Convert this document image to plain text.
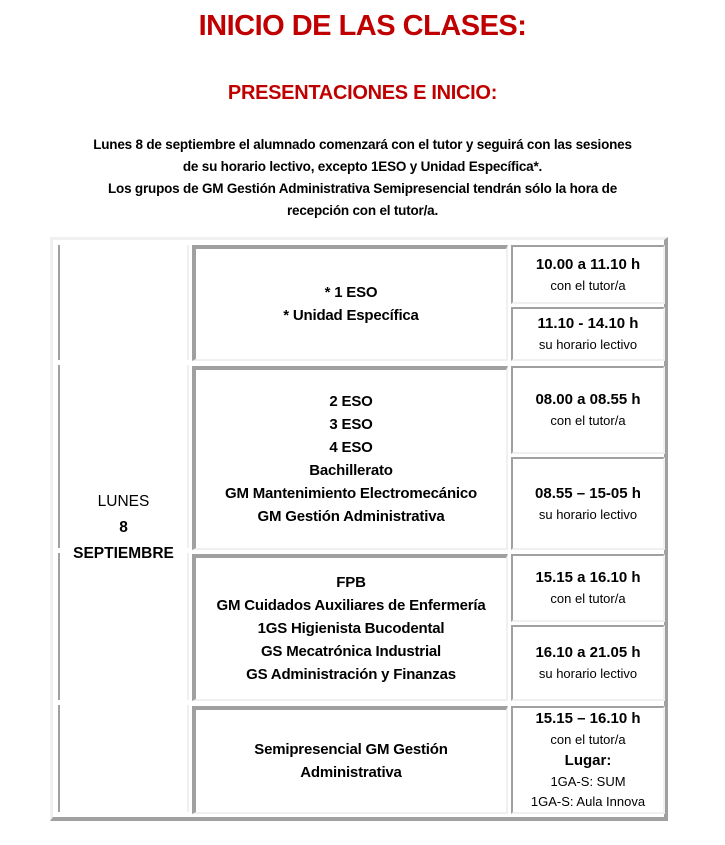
INICIO DE LAS CLASES:
PRESENTACIONES E INICIO:
Lunes 8 de septiembre el alumnado comenzará con el tutor y seguirá con las sesiones
de su horario lectivo, excepto 1ESO y Unidad Específica*.
Los grupos de GM Gestión Administrativa Semipresencial tendrán sólo la hora de
recepción con el tutor/a.
LUNES
8
SEPTIEMBRE
* 1 ESO
* Unidad Específica
10.00 a 11.10 h
con el tutor/a
11.10 - 14.10 h
su horario lectivo
2 ESO
3 ESO
4 ESO
Bachillerato
GM Mantenimiento Electromecánico
GM Gestión Administrativa
08.00 a 08.55 h
con el tutor/a
08.55 – 15-05 h
su horario lectivo
FPB
GM Cuidados Auxiliares de Enfermería
1GS Higienista Bucodental
GS Mecatrónica Industrial
GS Administración y Finanzas
15.15 a 16.10 h
con el tutor/a
16.10 a 21.05 h
su horario lectivo
Semipresencial GM Gestión
Administrativa
15.15 – 16.10 h
con el tutor/a
Lugar:
1GA-S: SUM
1GA-S: Aula Innova
